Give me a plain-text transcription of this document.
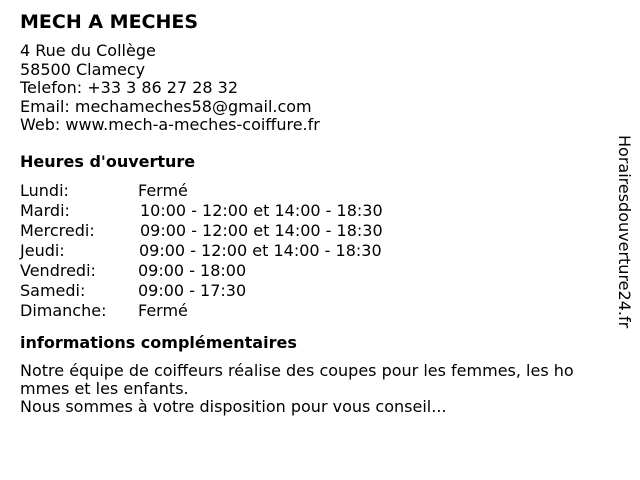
MECH A MECHES
4 Rue du Collège
58500 Clamecy
Telefon: +33 3 86 27 28 32
Email: mechameches58@gmail.com
Web: www.mech-a-meches-coiffure.fr
Heures d'ouverture
Lundi:	Fermé
Mardi:	10:00 - 12:00 et 14:00 - 18:30
Mercredi:	09:00 - 12:00 et 14:00 - 18:30
Jeudi:	09:00 - 12:00 et 14:00 - 18:30
Vendredi:	09:00 - 18:00
Samedi:	09:00 - 17:30
Dimanche: Fermé
informations complémentaires
Notre équipe de coiffeurs réalise des coupes pour les femmes, les ho
mmes et les enfants.
Nous sommes à votre disposition pour vous conseil...
Horairesdouverture24.fr
